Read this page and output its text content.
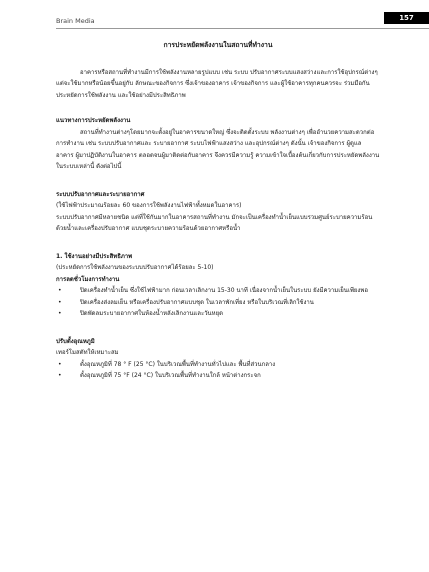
Brain Media	157

การประหยัดพลังงานในสถานที่ทำงาน

อาคารหรือสถานที่ทำงานมีการใช้พลังงานหลายรูปแบบ เช่น ระบบ ปรับอากาศระบบแสงสว่างและการใช้อุปกรณ์ต่างๆ แต่จะใช้มากหรือน้อยขึ้นอยู่กับ ลักษณะของกิจการ ซึ่งเจ้าของอาคาร เจ้าของกิจการ และผู้ใช้อาคารทุกคนควรจะ ร่วมมือกันประหยัดการใช้พลังงาน และใช้อย่างมีประสิทธิภาพ

แนวทางการประหยัดพลังงาน

สถานที่ทำงานต่างๆโดยมากจะตั้งอยู่ในอาคารขนาดใหญ่ ซึ่งจะติดตั้งระบบ พลังงานต่างๆ เพื่ออำนวยความสะดวกต่อการทำงาน เช่น ระบบปรับอากาศและ ระบายอากาศ ระบบไฟฟ้าแสงสว่าง และอุปกรณ์ต่างๆ ดังนั้น เจ้าของกิจการ ผู้ดูแล อาคาร ผู้มาปฏิบัติงานในอาคาร ตลอดจนผู้มาติดต่อกับอาคาร จึงควรมีความรู้ ความเข้าใจเบื้องต้นเกี่ยวกับการประหยัดพลังงานในระบบเหล่านี้ ดังต่อไปนี้

ระบบปรับอากาศและระบายอากาศ

(ใช้ไฟฟ้าประมาณร้อยละ 60 ของการใช้พลังงานไฟฟ้าทั้งหมดในอาคาร)

ระบบปรับอากาศมีหลายชนิด แต่ที่ใช้กันมากในอาคารสถานที่ทำงาน มักจะเป็นเครื่องทำน้ำเย็นแบบรวมศูนย์ระบายความร้อนด้วยน้ำและเครื่องปรับอากาศ แบบชุดระบายความร้อนด้วยอากาศหรือน้ำ

1. ใช้งานอย่างมีประสิทธิภาพ

(ประหยัดการใช้พลังงานของระบบปรับอากาศได้ร้อยละ 5-10)

การลดชั่วโมงการทำงาน

• ปิดเครื่องทำน้ำเย็น ซึ่งใช้ไฟฟ้ามาก ก่อนเวลาเลิกงาน 15-30 นาที เนื่องจากน้ำเย็นในระบบ ยังมีความเย็นเพียงพอ
• ปิดเครื่องส่งลมเย็น หรือเครื่องปรับอากาศแบบชุด ในเวลาพักเที่ยง หรือในบริเวณที่เลิกใช้งาน
• ปิดพัดลมระบายอากาศในห้องน้ำหลังเลิกงานและวันหยุด

ปรับตั้งอุณหภูมิ

เทอร์โมสตัทให้เหมาะสม

• ตั้งอุณหภูมิที่ 78 ° F (25 °C) ในบริเวณพื้นที่ทำงานทั่วไปและ พื้นที่ส่วนกลาง
• ตั้งอุณหภูมิที่ 75 °F (24 °C) ในบริเวณพื้นที่ทำงานใกล้ หน้าต่างกระจก
